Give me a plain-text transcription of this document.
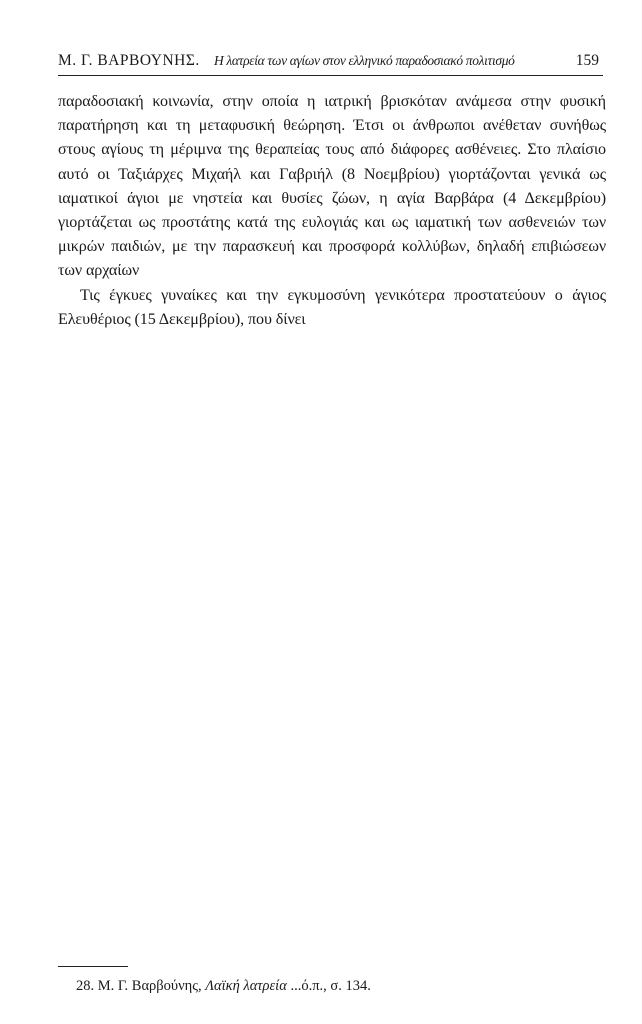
Μ. Γ. ΒΑΡΒΟΥΝΗΣ. Η λατρεία των αγίων στον ελληνικό παραδοσιακό πολιτισμό	159

παραδοσιακή κοινωνία, στην οποία η ιατρική βρισκόταν ανάμεσα στην φυσική παρατήρηση και τη μεταφυσική θεώρηση. Έτσι οι άνθρωποι ανέθεταν συνήθως στους αγίους τη μέριμνα της θεραπείας τους από διάφορες ασθένειες. Στο πλαίσιο αυτό οι Ταξιάρχες Μιχαήλ και Γαβριήλ (8 Νοεμβρίου) γιορτάζονται γενικά ως ιαματικοί άγιοι με νηστεία και θυσίες ζώων, η αγία Βαρβάρα (4 Δεκεμβρίου) γιορτάζεται ως προστάτης κατά της ευλογιάς και ως ιαματική των ασθενειών των μικρών παιδιών, με την παρασκευή και προσφορά κολλύβων, δηλαδή επιβιώσεων των αρχαίων

Τις έγκυες γυναίκες και την εγκυμοσύνη γενικότερα προστατεύουν ο άγιος Ελευθέριος (15 Δεκεμβρίου), που δίνει

28. Μ. Γ. Βαρβούνης, Λαϊκή λατρεία ...ό.π., σ. 134.
